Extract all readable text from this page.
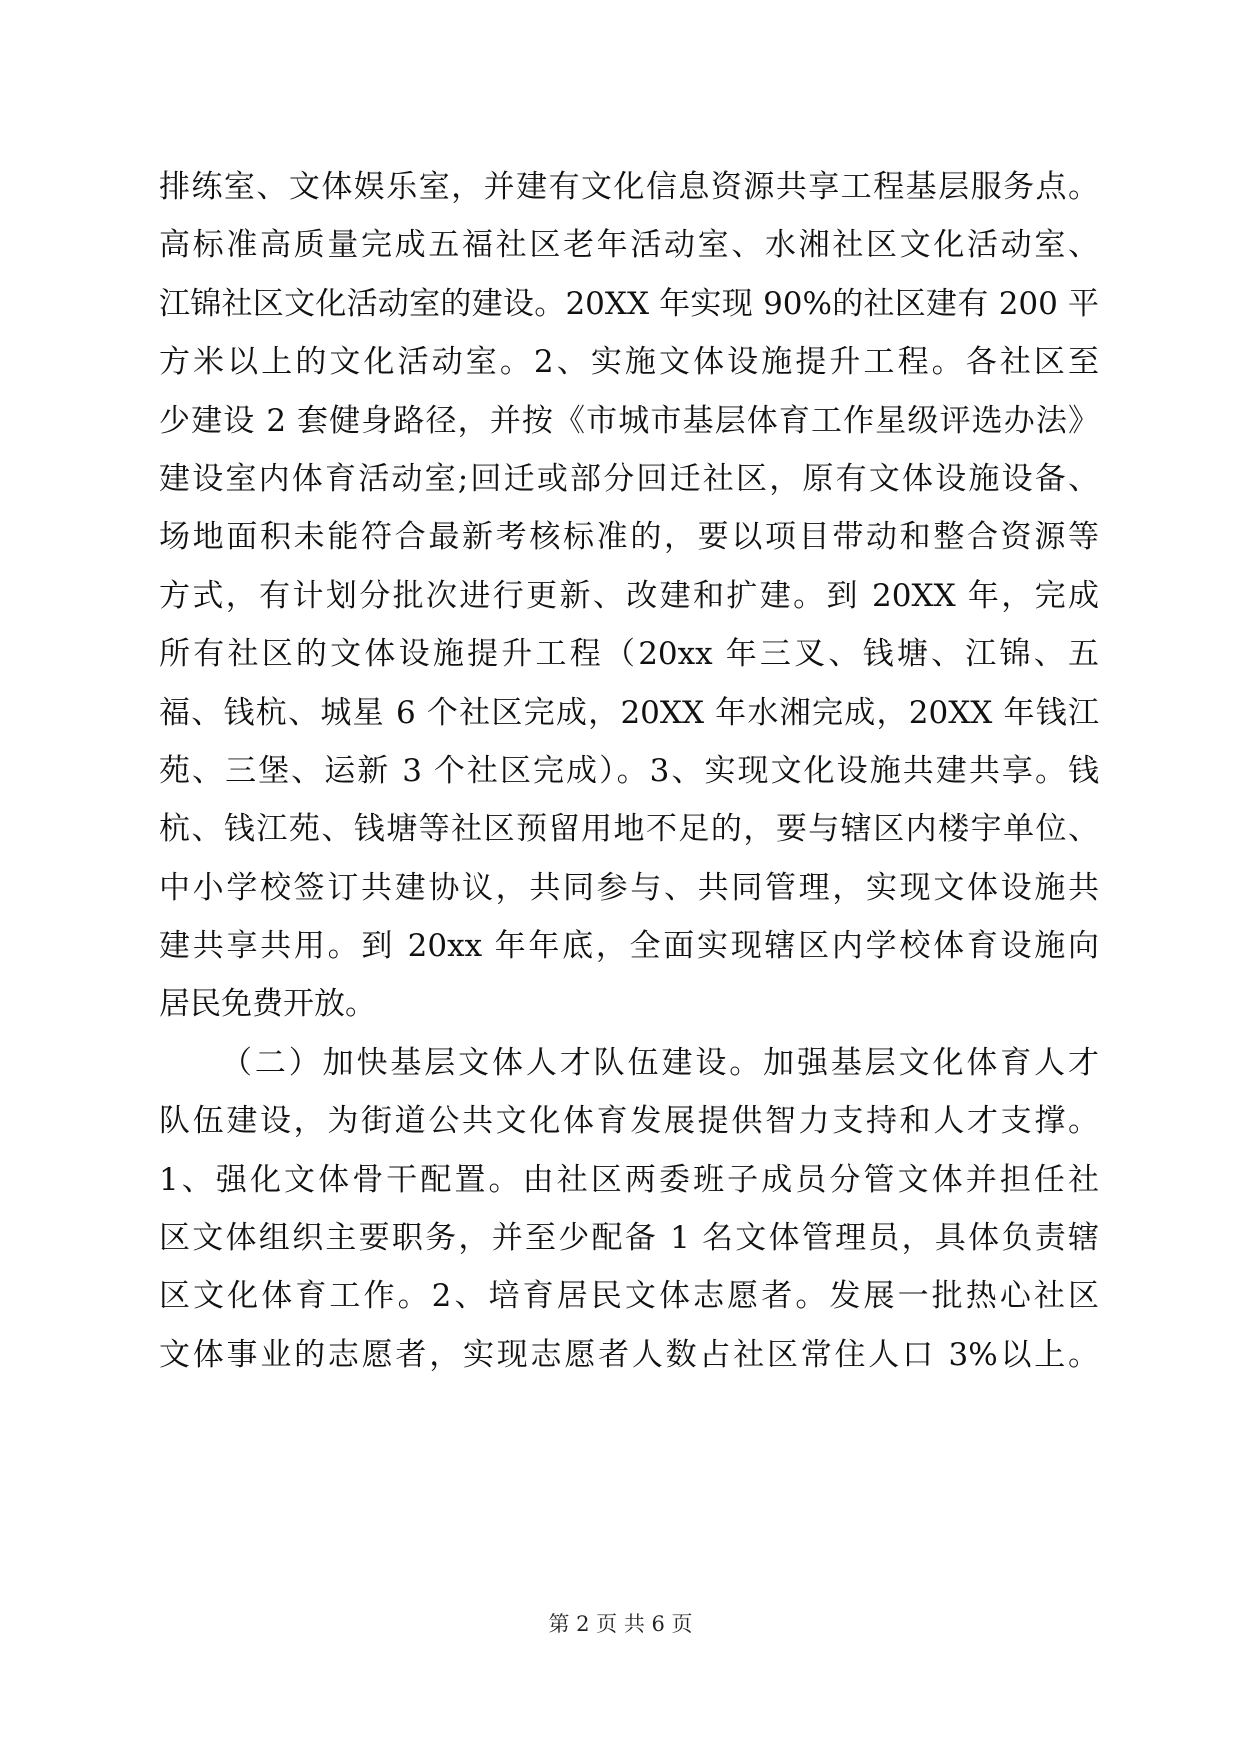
排练室、文体娱乐室，并建有文化信息资源共享工程基层服务点。
高标准高质量完成五福社区老年活动室、水湘社区文化活动室、
江锦社区文化活动室的建设。20XX 年实现 90%的社区建有 200 平
方米以上的文化活动室。2、实施文体设施提升工程。各社区至
少建设 2 套健身路径，并按《市城市基层体育工作星级评选办法》
建设室内体育活动室;回迁或部分回迁社区，原有文体设施设备、
场地面积未能符合最新考核标准的，要以项目带动和整合资源等
方式，有计划分批次进行更新、改建和扩建。到 20XX 年，完成
所有社区的文体设施提升工程（20xx 年三叉、钱塘、江锦、五
福、钱杭、城星 6 个社区完成，20XX 年水湘完成，20XX 年钱江
苑、三堡、运新 3 个社区完成）。3、实现文化设施共建共享。钱
杭、钱江苑、钱塘等社区预留用地不足的，要与辖区内楼宇单位、
中小学校签订共建协议，共同参与、共同管理，实现文体设施共
建共享共用。到 20xx 年年底，全面实现辖区内学校体育设施向
居民免费开放。
（二）加快基层文体人才队伍建设。加强基层文化体育人才
队伍建设，为街道公共文化体育发展提供智力支持和人才支撑。
1、强化文体骨干配置。由社区两委班子成员分管文体并担任社
区文体组织主要职务，并至少配备 1 名文体管理员，具体负责辖
区文化体育工作。2、培育居民文体志愿者。发展一批热心社区
文体事业的志愿者，实现志愿者人数占社区常住人口 3%以上。
第 2 页 共 6 页
